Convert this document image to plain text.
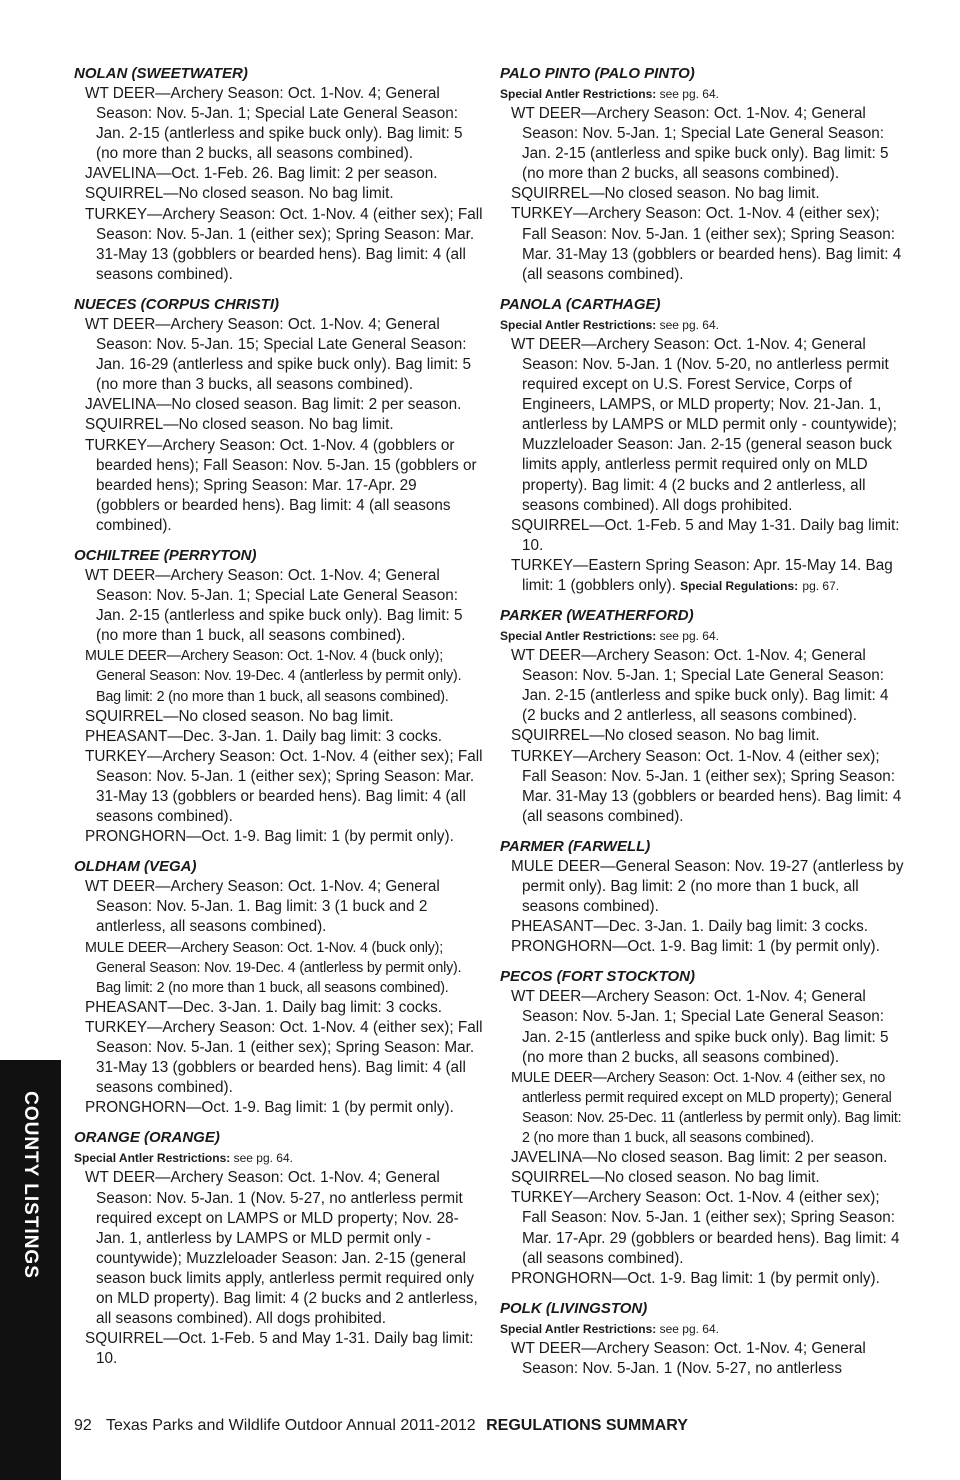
COUNTY LISTINGS
NOLAN (SWEETWATER)
WT DEER—Archery Season: Oct. 1-Nov. 4; General Season: Nov. 5-Jan. 1; Special Late General Season: Jan. 2-15 (antlerless and spike buck only). Bag limit: 5 (no more than 2 bucks, all seasons combined).
JAVELINA—Oct. 1-Feb. 26. Bag limit: 2 per season.
SQUIRREL—No closed season. No bag limit.
TURKEY—Archery Season: Oct. 1-Nov. 4 (either sex); Fall Season: Nov. 5-Jan. 1 (either sex); Spring Season: Mar. 31-May 13 (gobblers or bearded hens). Bag limit: 4 (all seasons combined).
NUECES (CORPUS CHRISTI)
WT DEER—Archery Season: Oct. 1-Nov. 4; General Season: Nov. 5-Jan. 15; Special Late General Season: Jan. 16-29 (antlerless and spike buck only). Bag limit: 5 (no more than 3 bucks, all seasons combined).
JAVELINA—No closed season. Bag limit: 2 per season.
SQUIRREL—No closed season. No bag limit.
TURKEY—Archery Season: Oct. 1-Nov. 4 (gobblers or bearded hens); Fall Season: Nov. 5-Jan. 15 (gobblers or bearded hens); Spring Season: Mar. 17-Apr. 29 (gobblers or bearded hens). Bag limit: 4 (all seasons combined).
OCHILTREE (PERRYTON)
WT DEER—Archery Season: Oct. 1-Nov. 4; General Season: Nov. 5-Jan. 1; Special Late General Season: Jan. 2-15 (antlerless and spike buck only). Bag limit: 5 (no more than 1 buck, all seasons combined).
MULE DEER—Archery Season: Oct. 1-Nov. 4 (buck only); General Season: Nov. 19-Dec. 4 (antlerless by permit only). Bag limit: 2 (no more than 1 buck, all seasons combined).
SQUIRREL—No closed season. No bag limit.
PHEASANT—Dec. 3-Jan. 1. Daily bag limit: 3 cocks.
TURKEY—Archery Season: Oct. 1-Nov. 4 (either sex); Fall Season: Nov. 5-Jan. 1 (either sex); Spring Season: Mar. 31-May 13 (gobblers or bearded hens). Bag limit: 4 (all seasons combined).
PRONGHORN—Oct. 1-9. Bag limit: 1 (by permit only).
OLDHAM (VEGA)
WT DEER—Archery Season: Oct. 1-Nov. 4; General Season: Nov. 5-Jan. 1. Bag limit: 3 (1 buck and 2 antlerless, all seasons combined).
MULE DEER—Archery Season: Oct. 1-Nov. 4 (buck only); General Season: Nov. 19-Dec. 4 (antlerless by permit only). Bag limit: 2 (no more than 1 buck, all seasons combined).
PHEASANT—Dec. 3-Jan. 1. Daily bag limit: 3 cocks.
TURKEY—Archery Season: Oct. 1-Nov. 4 (either sex); Fall Season: Nov. 5-Jan. 1 (either sex); Spring Season: Mar. 31-May 13 (gobblers or bearded hens). Bag limit: 4 (all seasons combined).
PRONGHORN—Oct. 1-9. Bag limit: 1 (by permit only).
ORANGE (ORANGE)
Special Antler Restrictions: see pg. 64.
WT DEER—Archery Season: Oct. 1-Nov. 4; General Season: Nov. 5-Jan. 1 (Nov. 5-27, no antlerless permit required except on LAMPS or MLD property; Nov. 28-Jan. 1, antlerless by LAMPS or MLD permit only - countywide); Muzzleloader Season: Jan. 2-15 (general season buck limits apply, antlerless permit required only on MLD property). Bag limit: 4 (2 bucks and 2 antlerless, all seasons combined). All dogs prohibited.
SQUIRREL—Oct. 1-Feb. 5 and May 1-31. Daily bag limit: 10.
PALO PINTO (PALO PINTO)
Special Antler Restrictions: see pg. 64.
WT DEER—Archery Season: Oct. 1-Nov. 4; General Season: Nov. 5-Jan. 1; Special Late General Season: Jan. 2-15 (antlerless and spike buck only). Bag limit: 5 (no more than 2 bucks, all seasons combined).
SQUIRREL—No closed season. No bag limit.
TURKEY—Archery Season: Oct. 1-Nov. 4 (either sex); Fall Season: Nov. 5-Jan. 1 (either sex); Spring Season: Mar. 31-May 13 (gobblers or bearded hens). Bag limit: 4 (all seasons combined).
PANOLA (CARTHAGE)
Special Antler Restrictions: see pg. 64.
WT DEER—Archery Season: Oct. 1-Nov. 4; General Season: Nov. 5-Jan. 1 (Nov. 5-20, no antlerless permit required except on U.S. Forest Service, Corps of Engineers, LAMPS, or MLD property; Nov. 21-Jan. 1, antlerless by LAMPS or MLD permit only - countywide); Muzzleloader Season: Jan. 2-15 (general season buck limits apply, antlerless permit required only on MLD property). Bag limit: 4 (2 bucks and 2 antlerless, all seasons combined). All dogs prohibited.
SQUIRREL—Oct. 1-Feb. 5 and May 1-31. Daily bag limit: 10.
TURKEY—Eastern Spring Season: Apr. 15-May 14. Bag limit: 1 (gobblers only). Special Regulations: pg. 67.
PARKER (WEATHERFORD)
Special Antler Restrictions: see pg. 64.
WT DEER—Archery Season: Oct. 1-Nov. 4; General Season: Nov. 5-Jan. 1; Special Late General Season: Jan. 2-15 (antlerless and spike buck only). Bag limit: 4 (2 bucks and 2 antlerless, all seasons combined).
SQUIRREL—No closed season. No bag limit.
TURKEY—Archery Season: Oct. 1-Nov. 4 (either sex); Fall Season: Nov. 5-Jan. 1 (either sex); Spring Season: Mar. 31-May 13 (gobblers or bearded hens). Bag limit: 4 (all seasons combined).
PARMER (FARWELL)
MULE DEER—General Season: Nov. 19-27 (antlerless by permit only). Bag limit: 2 (no more than 1 buck, all seasons combined).
PHEASANT—Dec. 3-Jan. 1. Daily bag limit: 3 cocks.
PRONGHORN—Oct. 1-9. Bag limit: 1 (by permit only).
PECOS (FORT STOCKTON)
WT DEER—Archery Season: Oct. 1-Nov. 4; General Season: Nov. 5-Jan. 1; Special Late General Season: Jan. 2-15 (antlerless and spike buck only). Bag limit: 5 (no more than 2 bucks, all seasons combined).
MULE DEER—Archery Season: Oct. 1-Nov. 4 (either sex, no antlerless permit required except on MLD property); General Season: Nov. 25-Dec. 11 (antlerless by permit only). Bag limit: 2 (no more than 1 buck, all seasons combined).
JAVELINA—No closed season. Bag limit: 2 per season.
SQUIRREL—No closed season. No bag limit.
TURKEY—Archery Season: Oct. 1-Nov. 4 (either sex); Fall Season: Nov. 5-Jan. 1 (either sex); Spring Season: Mar. 17-Apr. 29 (gobblers or bearded hens). Bag limit: 4 (all seasons combined).
PRONGHORN—Oct. 1-9. Bag limit: 1 (by permit only).
POLK (LIVINGSTON)
Special Antler Restrictions: see pg. 64.
WT DEER—Archery Season: Oct. 1-Nov. 4; General Season: Nov. 5-Jan. 1 (Nov. 5-27, no antlerless
92 Texas Parks and Wildlife Outdoor Annual 2011-2012 REGULATIONS SUMMARY
